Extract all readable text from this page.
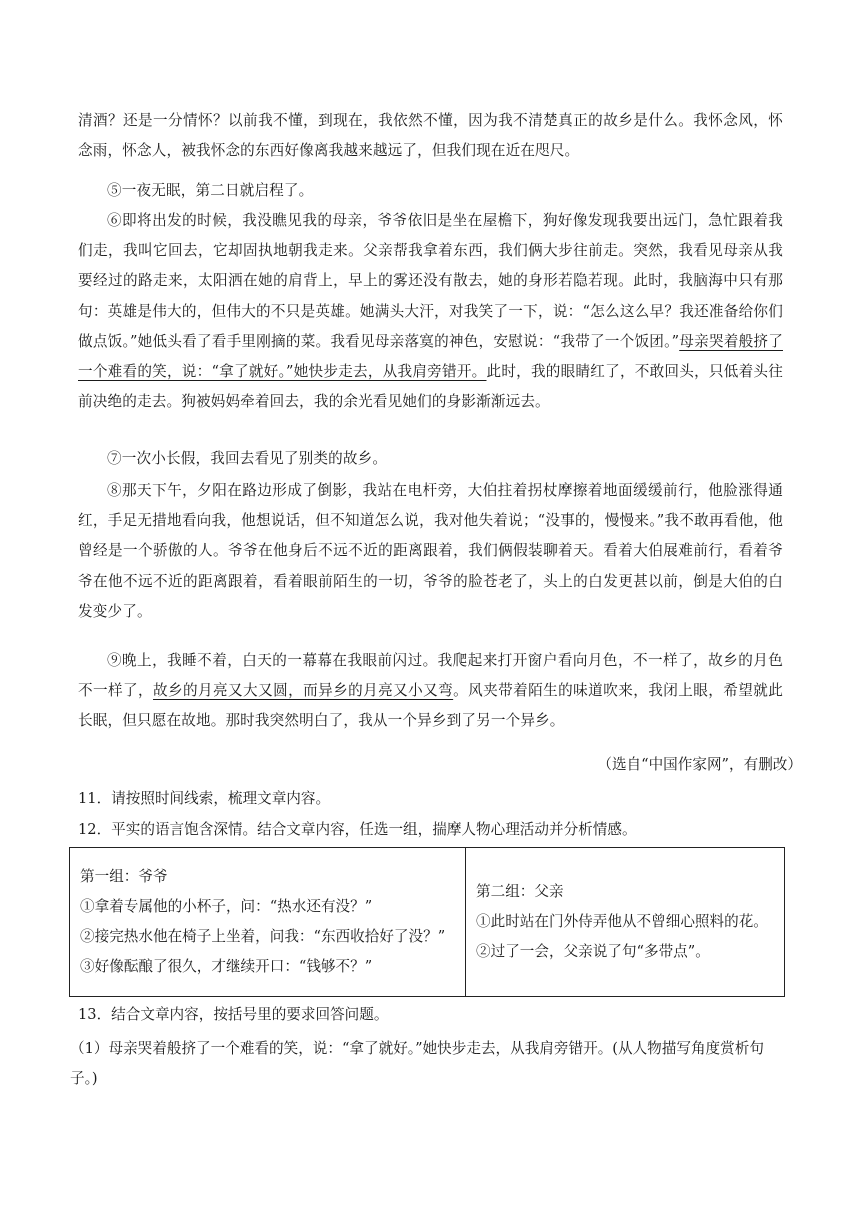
清酒？还是一分情怀？以前我不懂，到现在，我依然不懂，因为我不清楚真正的故乡是什么。我怀念风，怀念雨，怀念人，被我怀念的东西好像离我越来越远了，但我们现在近在咫尺。

⑤一夜无眠，第二日就启程了。

⑥即将出发的时候，我没瞧见我的母亲，爷爷依旧是坐在屋檐下，狗好像发现我要出远门，急忙跟着我们走，我叫它回去，它却固执地朝我走来。父亲帮我拿着东西，我们俩大步往前走。突然，我看见母亲从我要经过的路走来，太阳洒在她的肩背上，早上的雾还没有散去，她的身形若隐若现。此时，我脑海中只有那句：英雄是伟大的，但伟大的不只是英雄。她满头大汗，对我笑了一下，说：“怎么这么早？我还准备给你们做点饭。”她低头看了看手里刚摘的菜。我看见母亲落寞的神色，安慰说：“我带了一个饭团。”母亲哭着般挤了一个难看的笑，说：“拿了就好。”她快步走去，从我肩旁错开。此时，我的眼睛红了，不敢回头，只低着头往前决绝的走去。狗被妈妈牵着回去，我的余光看见她们的身影渐渐远去。

⑦一次小长假，我回去看见了别类的故乡。

⑧那天下午，夕阳在路边形成了倒影，我站在电杆旁，大伯拄着拐杖摩擦着地面缓缓前行，他脸涨得通红，手足无措地看向我，他想说话，但不知道怎么说，我对他失着说；“没事的，慢慢来。”我不敢再看他，他曾经是一个骄傲的人。爷爷在他身后不远不近的距离跟着，我们俩假装聊着天。看着大伯展难前行，看着爷爷在他不远不近的距离跟着，看着眼前陌生的一切，爷爷的脸苍老了，头上的白发更甚以前，倒是大伯的白发变少了。

⑨晚上，我睡不着，白天的一幕幕在我眼前闪过。我爬起来打开窗户看向月色，不一样了，故乡的月色不一样了，故乡的月亮又大又圆，而异乡的月亮又小又弯。风夹带着陌生的味道吹来，我闭上眼，希望就此长眠，但只愿在故地。那时我突然明白了，我从一个异乡到了另一个异乡。

（选自“中国作家网”，有删改）

11．请按照时间线索，梳理文章内容。

12．平实的语言饱含深情。结合文章内容，任选一组，揣摩人物心理活动并分析情感。

第一组：爷爷
①拿着专属他的小杯子，问：“热水还有没？”
②接完热水他在椅子上坐着，问我：“东西收拾好了没？”
③好像酝酿了很久，才继续开口：“钱够不？”

第二组：父亲
①此时站在门外侍弄他从不曾细心照料的花。
②过了一会，父亲说了句“多带点”。

13．结合文章内容，按括号里的要求回答问题。

（1）母亲哭着般挤了一个难看的笑，说：“拿了就好。”她快步走去，从我肩旁错开。(从人物描写角度赏析句子。)
